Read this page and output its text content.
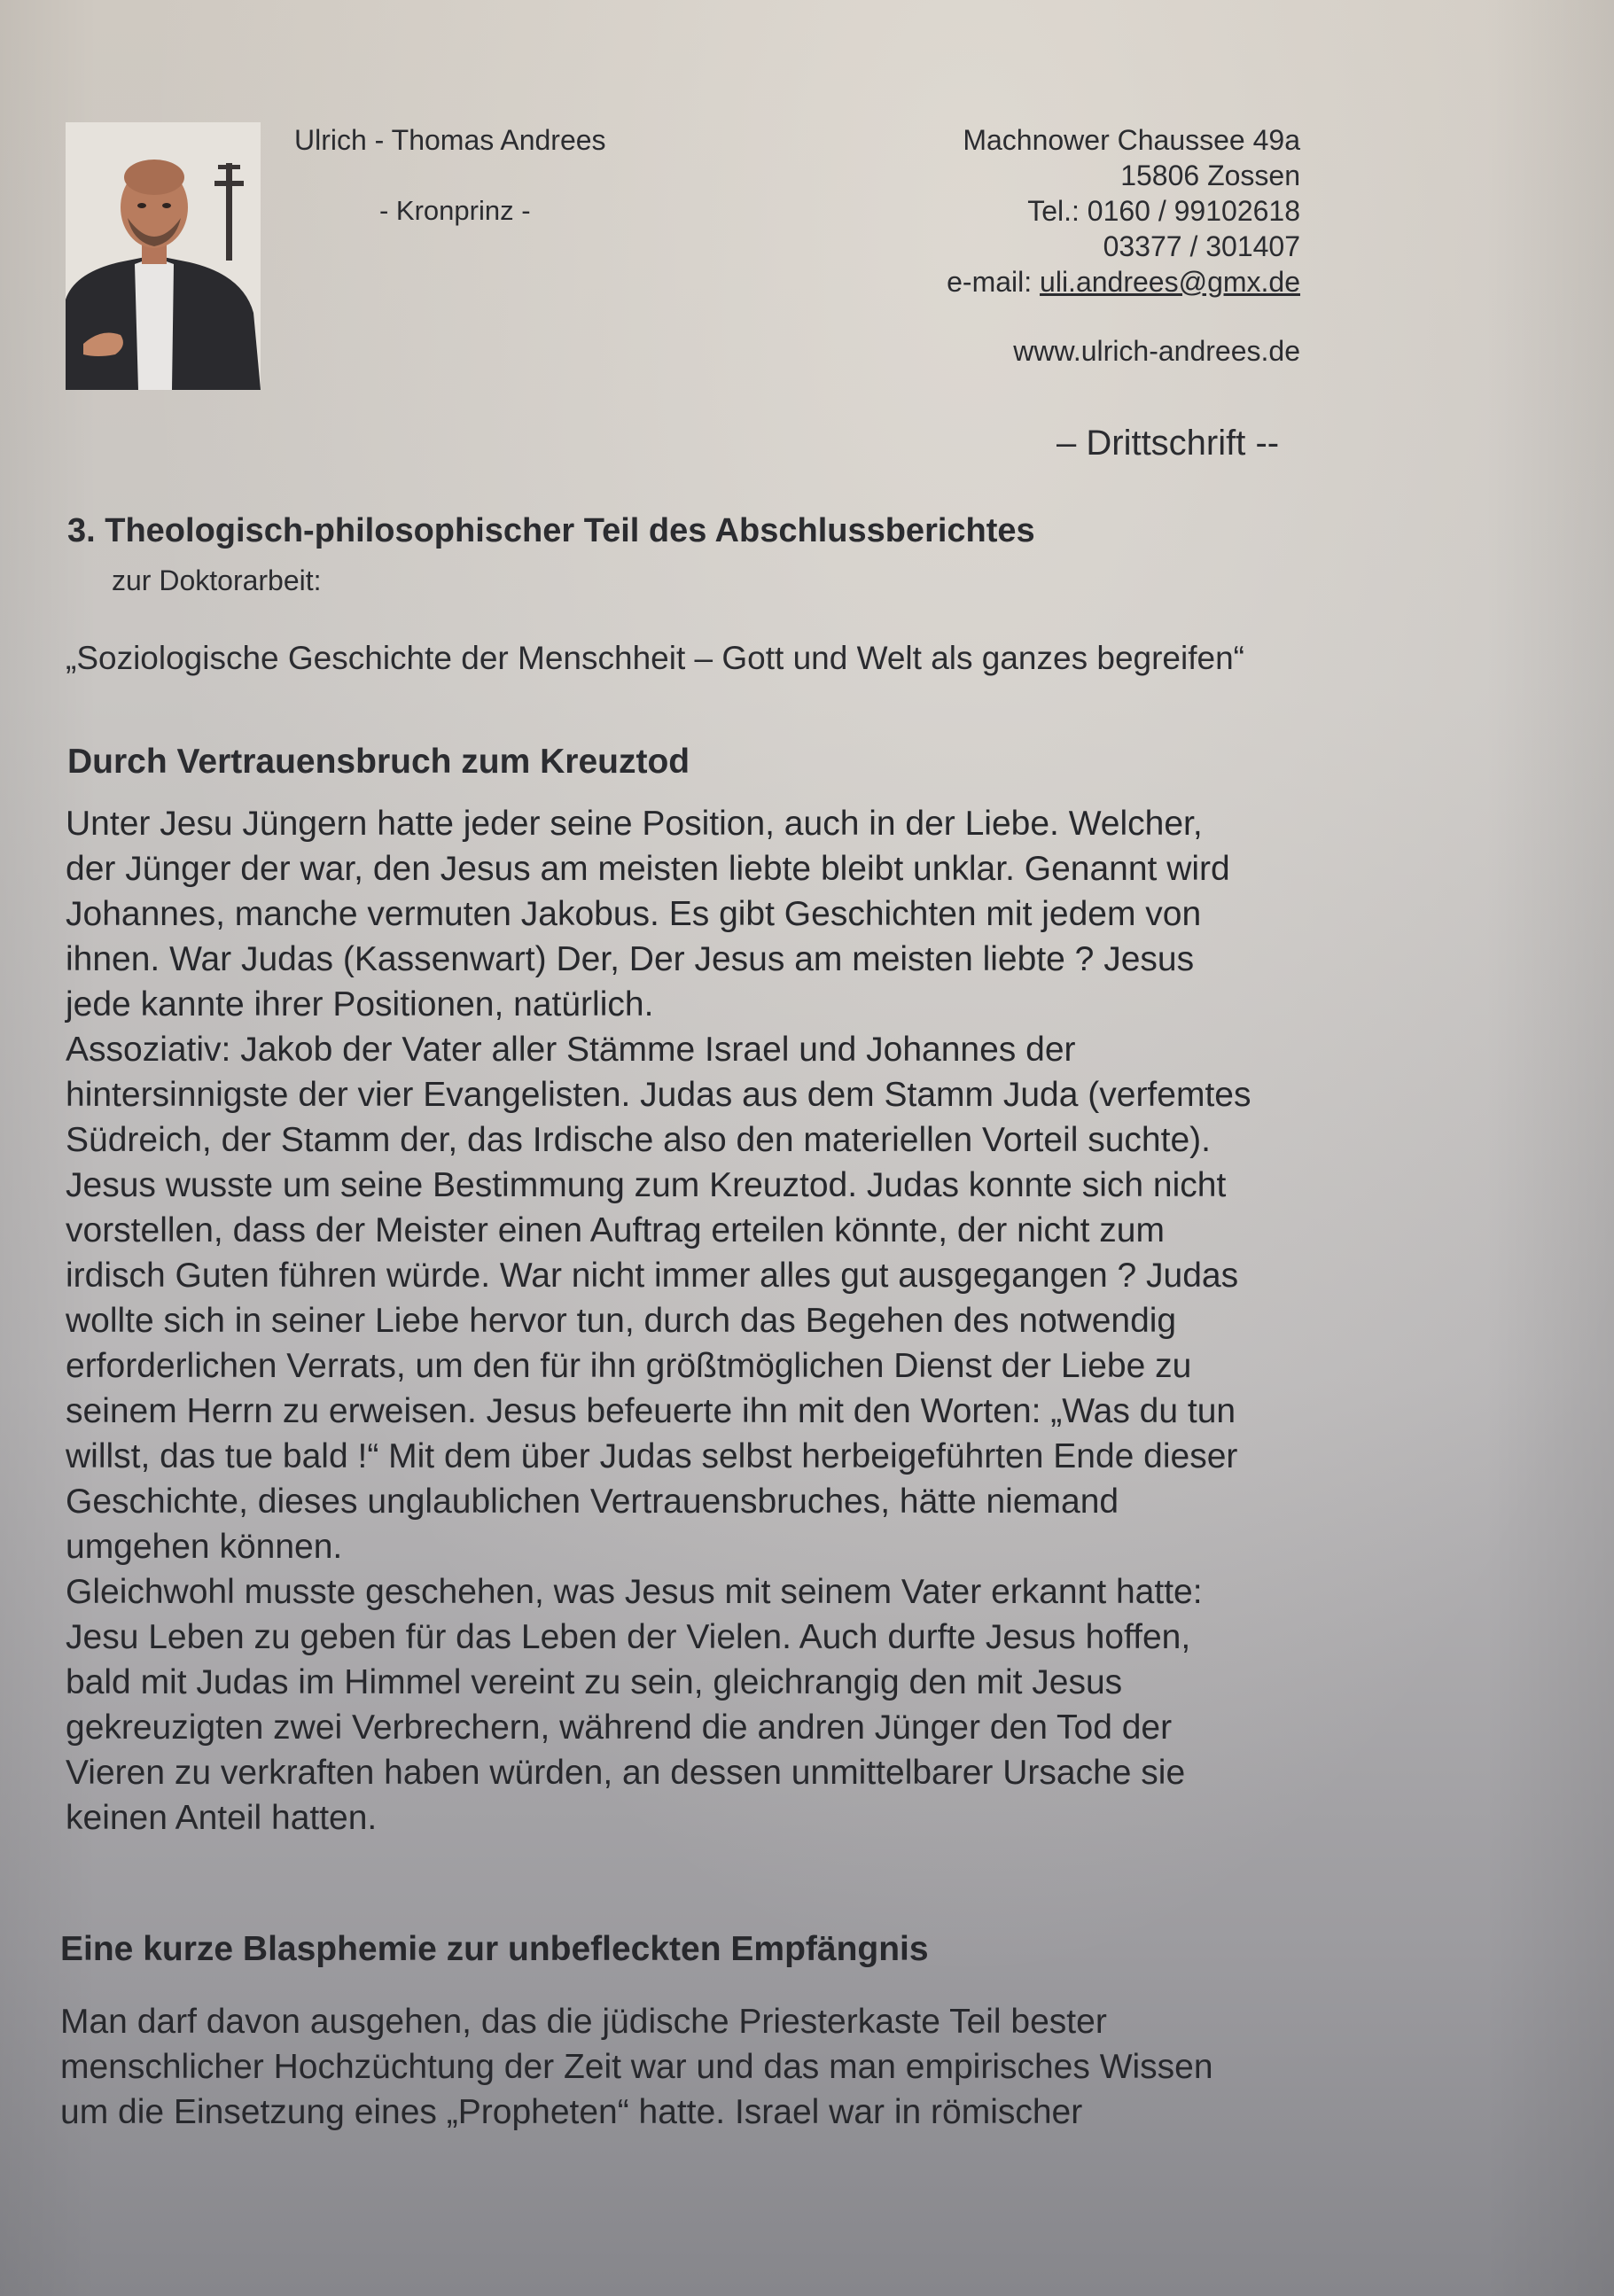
Ulrich - Thomas Andrees
- Kronprinz -
Machnower Chaussee 49a
15806 Zossen
Tel.: 0160 / 99102618
03377 / 301407
e-mail: uli.andrees@gmx.de
www.ulrich-andrees.de
– Drittschrift --
3. Theologisch-philosophischer Teil des Abschlussberichtes
zur Doktorarbeit:
„Soziologische Geschichte der Menschheit – Gott und Welt als ganzes begreifen“
Durch Vertrauensbruch zum Kreuztod
Unter Jesu Jüngern hatte jeder seine Position, auch in der Liebe. Welcher,
der Jünger der war, den Jesus am meisten liebte bleibt unklar. Genannt wird
Johannes, manche vermuten Jakobus. Es gibt Geschichten mit jedem von
ihnen. War Judas (Kassenwart) Der, Der Jesus am meisten liebte ? Jesus
jede kannte ihrer Positionen, natürlich.
Assoziativ: Jakob der Vater aller Stämme Israel und Johannes der
hintersinnigste der vier Evangelisten. Judas aus dem Stamm Juda (verfemtes
Südreich, der Stamm der, das Irdische also den materiellen Vorteil suchte).
Jesus wusste um seine Bestimmung zum Kreuztod. Judas konnte sich nicht
vorstellen, dass der Meister einen Auftrag erteilen könnte, der nicht zum
irdisch Guten führen würde. War nicht immer alles gut ausgegangen ? Judas
wollte sich in seiner Liebe hervor tun, durch das Begehen des notwendig
erforderlichen Verrats, um den für ihn größtmöglichen Dienst der Liebe zu
seinem Herrn zu erweisen. Jesus befeuerte ihn mit den Worten: „Was du tun
willst, das tue bald !“ Mit dem über Judas selbst herbeigeführten Ende dieser
Geschichte, dieses unglaublichen Vertrauensbruches, hätte niemand
umgehen können.
Gleichwohl musste geschehen, was Jesus mit seinem Vater erkannt hatte:
Jesu Leben zu geben für das Leben der Vielen. Auch durfte Jesus hoffen,
bald mit Judas im Himmel vereint zu sein, gleichrangig den mit Jesus
gekreuzigten zwei Verbrechern, während die andren Jünger den Tod der
Vieren zu verkraften haben würden, an dessen unmittelbarer Ursache sie
keinen Anteil hatten.
Eine kurze Blasphemie zur unbefleckten Empfängnis
Man darf davon ausgehen, das die jüdische Priesterkaste Teil bester
menschlicher Hochzüchtung der Zeit war und das man empirisches Wissen
um die Einsetzung eines „Propheten“ hatte. Israel war in römischer
